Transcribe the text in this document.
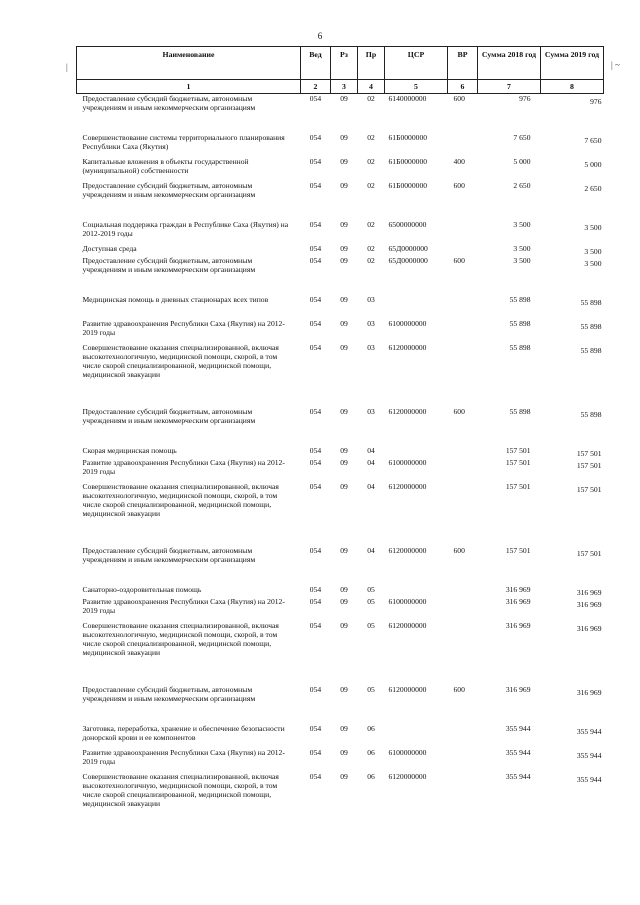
6
|	| ~
Наименование	Вед	Рз	Пр	ЦСР	ВР	Сумма 2018 год	Сумма 2019 год
1	2	3	4	5	6	7	8
Предоставление субсидий бюджетным, автономным учреждениям и иным некоммерческим организациям	054	09	02	6140000000	600	976	976
Совершенствование системы территориального планирования Республики Саха (Якутия)	054	09	02	61Б0000000		7 650	7 650
Капитальные вложения в объекты государственной (муниципальной) собственности	054	09	02	61Б0000000	400	5 000	5 000
Предоставление субсидий бюджетным, автономным учреждениям и иным некоммерческим организациям	054	09	02	61Б0000000	600	2 650	2 650
Социальная поддержка граждан в Республике Саха (Якутия) на 2012-2019 годы	054	09	02	6500000000		3 500	3 500
Доступная среда	054	09	02	65Д0000000		3 500	3 500
Предоставление субсидий бюджетным, автономным учреждениям и иным некоммерческим организациям	054	09	02	65Д0000000	600	3 500	3 500
Медицинская помощь в дневных стационарах всех типов	054	09	03			55 898	55 898
Развитие здравоохранения Республики Саха (Якутия) на 2012-2019 годы	054	09	03	6100000000		55 898	55 898
Совершенствование оказания специализированной, включая высокотехнологичную, медицинской помощи, скорой, в том числе скорой специализированной, медицинской помощи, медицинской эвакуации	054	09	03	6120000000		55 898	55 898
Предоставление субсидий бюджетным, автономным учреждениям и иным некоммерческим организациям	054	09	03	6120000000	600	55 898	55 898
Скорая медицинская помощь	054	09	04			157 501	157 501
Развитие здравоохранения Республики Саха (Якутия) на 2012-2019 годы	054	09	04	6100000000		157 501	157 501
Совершенствование оказания специализированной, включая высокотехнологичную, медицинской помощи, скорой, в том числе скорой специализированной, медицинской помощи, медицинской эвакуации	054	09	04	6120000000		157 501	157 501
Предоставление субсидий бюджетным, автономным учреждениям и иным некоммерческим организациям	054	09	04	6120000000	600	157 501	157 501
Санаторно-оздоровительная помощь	054	09	05			316 969	316 969
Развитие здравоохранения Республики Саха (Якутия) на 2012-2019 годы	054	09	05	6100000000		316 969	316 969
Совершенствование оказания специализированной, включая высокотехнологичную, медицинской помощи, скорой, в том числе скорой специализированной, медицинской помощи, медицинской эвакуации	054	09	05	6120000000		316 969	316 969
Предоставление субсидий бюджетным, автономным учреждениям и иным некоммерческим организациям	054	09	05	6120000000	600	316 969	316 969
Заготовка, переработка, хранение и обеспечение безопасности донорской крови и ее компонентов	054	09	06			355 944	355 944
Развитие здравоохранения Республики Саха (Якутия) на 2012-2019 годы	054	09	06	6100000000		355 944	355 944
Совершенствование оказания специализированной, включая высокотехнологичную, медицинской помощи, скорой, в том числе скорой специализированной, медицинской помощи, медицинской эвакуации	054	09	06	6120000000		355 944	355 944
